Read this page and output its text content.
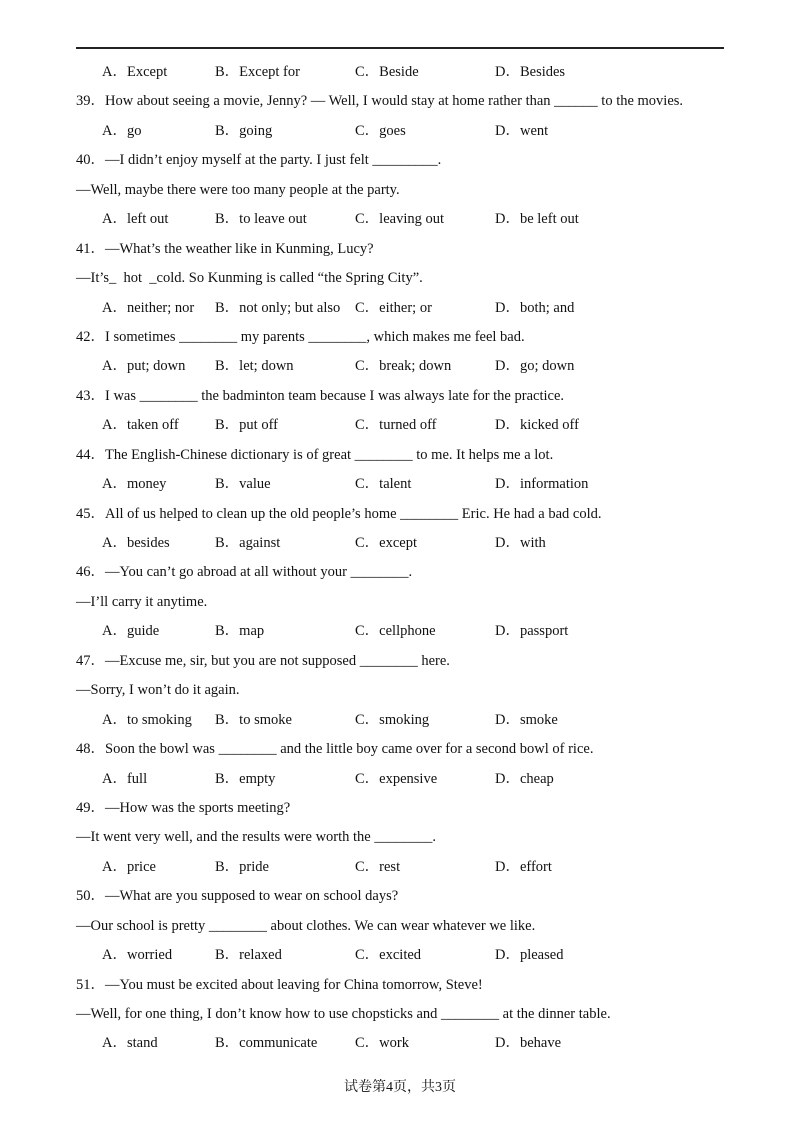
A．Except	B．Except for	C．Beside	D．Besides
39．How about seeing a movie, Jenny? — Well, I would stay at home rather than ______ to the movies.
A．go	B．going	C．goes	D．went
40．—I didn’t enjoy myself at the party. I just felt _________.
—Well, maybe there were too many people at the party.
A．left out	B．to leave out	C．leaving out	D．be left out
41．—What’s the weather like in Kunming, Lucy?
—It’s_  hot  _cold. So Kunming is called “the Spring City”.
A．neither; nor B．not only; but also C．either; or	D．both; and
42．I sometimes ________ my parents ________, which makes me feel bad.
A．put; down B．let; down	C．break; down	D．go; down
43．I was ________ the badminton team because I was always late for the practice.
A．taken off	B．put off	C．turned off	D．kicked off
44．The English-Chinese dictionary is of great ________ to me. It helps me a lot.
A．money	B．value	C．talent	D．information
45．All of us helped to clean up the old people’s home ________ Eric. He had a bad cold.
A．besides	B．against	C．except	D．with
46．—You can’t go abroad at all without your ________.
—I’ll carry it anytime.
A．guide	B．map	C．cellphone	D．passport
47．—Excuse me, sir, but you are not supposed ________ here.
—Sorry, I won’t do it again.
A．to smoking B．to smoke	C．smoking	D．smoke
48．Soon the bowl was ________ and the little boy came over for a second bowl of rice.
A．full	B．empty	C．expensive	D．cheap
49．—How was the sports meeting?
—It went very well, and the results were worth the ________.
A．price	B．pride	C．rest	D．effort
50．—What are you supposed to wear on school days?
—Our school is pretty ________ about clothes. We can wear whatever we like.
A．worried	B．relaxed	C．excited	D．pleased
51．—You must be excited about leaving for China tomorrow, Steve!
—Well, for one thing, I don’t know how to use chopsticks and ________ at the dinner table.
A．stand	B．communicate	C．work	D．behave
试卷第4页，共3页
